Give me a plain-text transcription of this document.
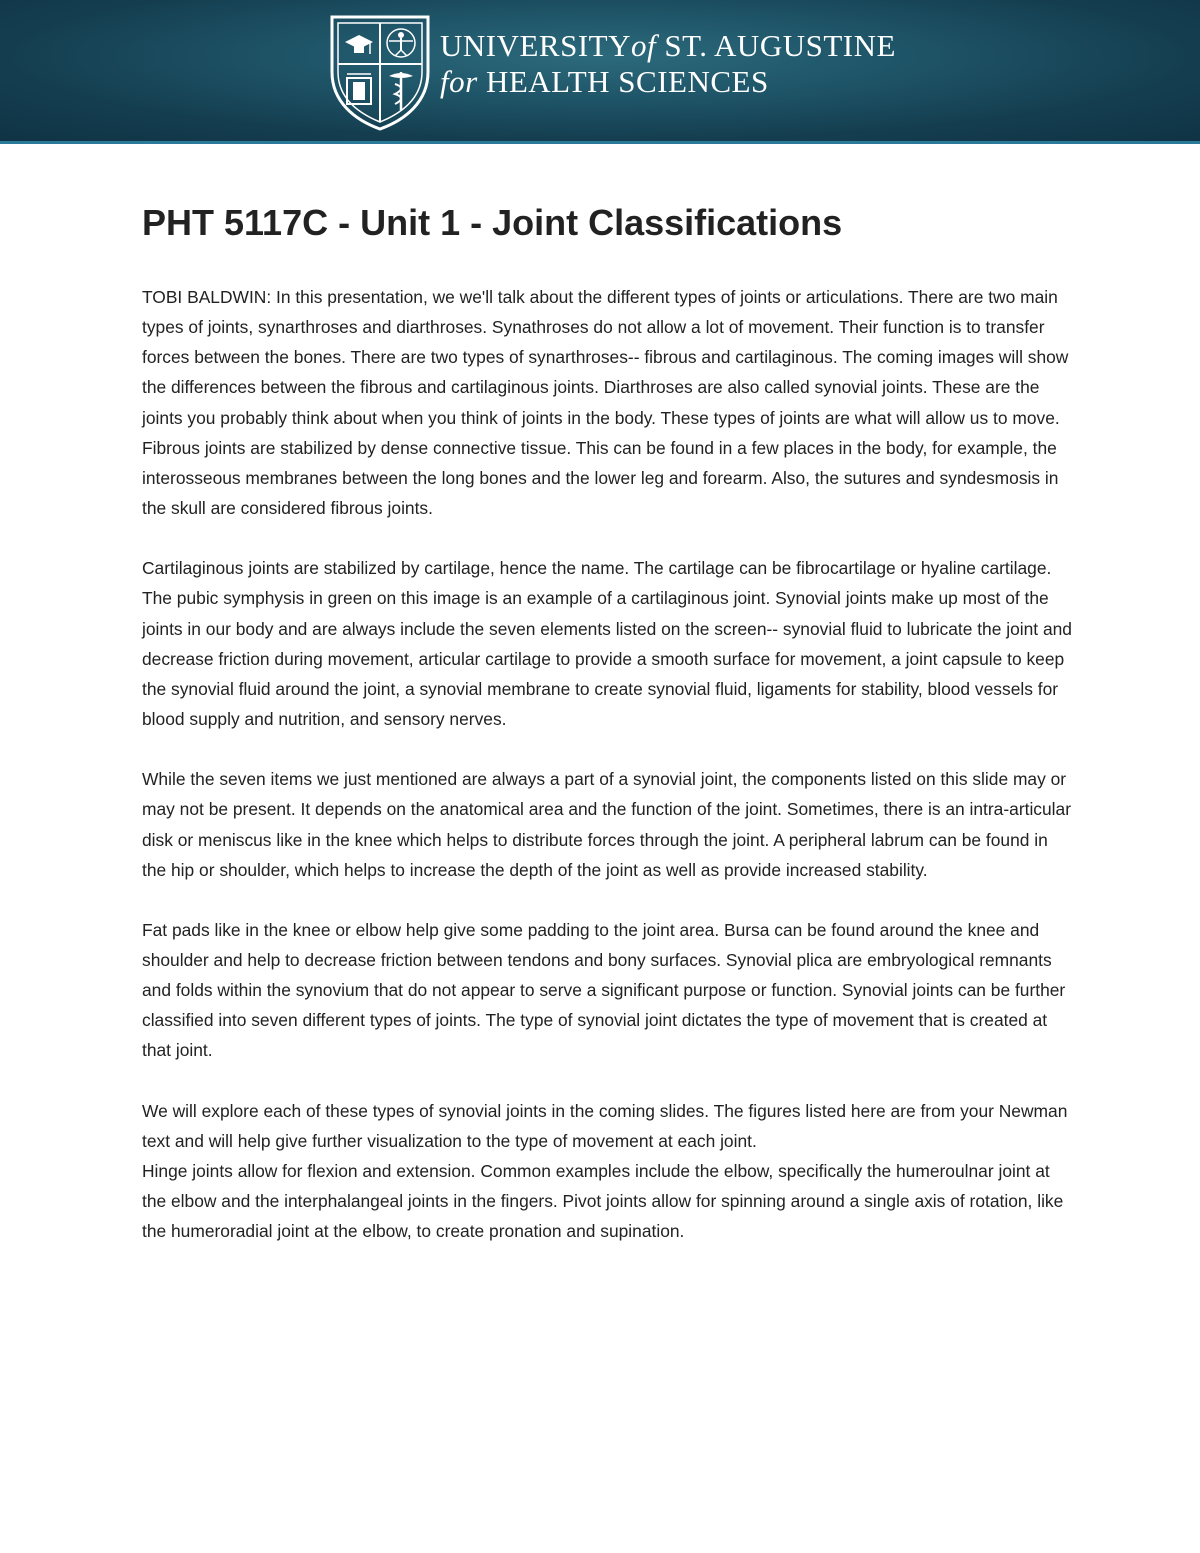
UNIVERSITYof ST. AUGUSTINE
for HEALTH SCIENCES
PHT 5117C - Unit 1 - Joint Classifications

TOBI BALDWIN: In this presentation, we we'll talk about the different types of joints or articulations. There are two main types of joints, synarthroses and diarthroses. Synathroses do not allow a lot of movement. Their function is to transfer forces between the bones. There are two types of synarthroses-- fibrous and cartilaginous. The coming images will show the differences between the fibrous and cartilaginous joints. Diarthroses are also called synovial joints. These are the joints you probably think about when you think of joints in the body. These types of joints are what will allow us to move. Fibrous joints are stabilized by dense connective tissue. This can be found in a few places in the body, for example, the interosseous membranes between the long bones and the lower leg and forearm. Also, the sutures and syndesmosis in the skull are considered fibrous joints.

Cartilaginous joints are stabilized by cartilage, hence the name. The cartilage can be fibrocartilage or hyaline cartilage. The pubic symphysis in green on this image is an example of a cartilaginous joint. Synovial joints make up most of the joints in our body and are always include the seven elements listed on the screen-- synovial fluid to lubricate the joint and decrease friction during movement, articular cartilage to provide a smooth surface for movement, a joint capsule to keep the synovial fluid around the joint, a synovial membrane to create synovial fluid, ligaments for stability, blood vessels for blood supply and nutrition, and sensory nerves.

While the seven items we just mentioned are always a part of a synovial joint, the components listed on this slide may or may not be present. It depends on the anatomical area and the function of the joint. Sometimes, there is an intra-articular disk or meniscus like in the knee which helps to distribute forces through the joint. A peripheral labrum can be found in the hip or shoulder, which helps to increase the depth of the joint as well as provide increased stability.

Fat pads like in the knee or elbow help give some padding to the joint area. Bursa can be found around the knee and shoulder and help to decrease friction between tendons and bony surfaces. Synovial plica are embryological remnants and folds within the synovium that do not appear to serve a significant purpose or function. Synovial joints can be further classified into seven different types of joints. The type of synovial joint dictates the type of movement that is created at that joint.

We will explore each of these types of synovial joints in the coming slides. The figures listed here are from your Newman text and will help give further visualization to the type of movement at each joint.

Hinge joints allow for flexion and extension. Common examples include the elbow, specifically the humeroulnar joint at the elbow and the interphalangeal joints in the fingers. Pivot joints allow for spinning around a single axis of rotation, like the humeroradial joint at the elbow, to create pronation and supination.
